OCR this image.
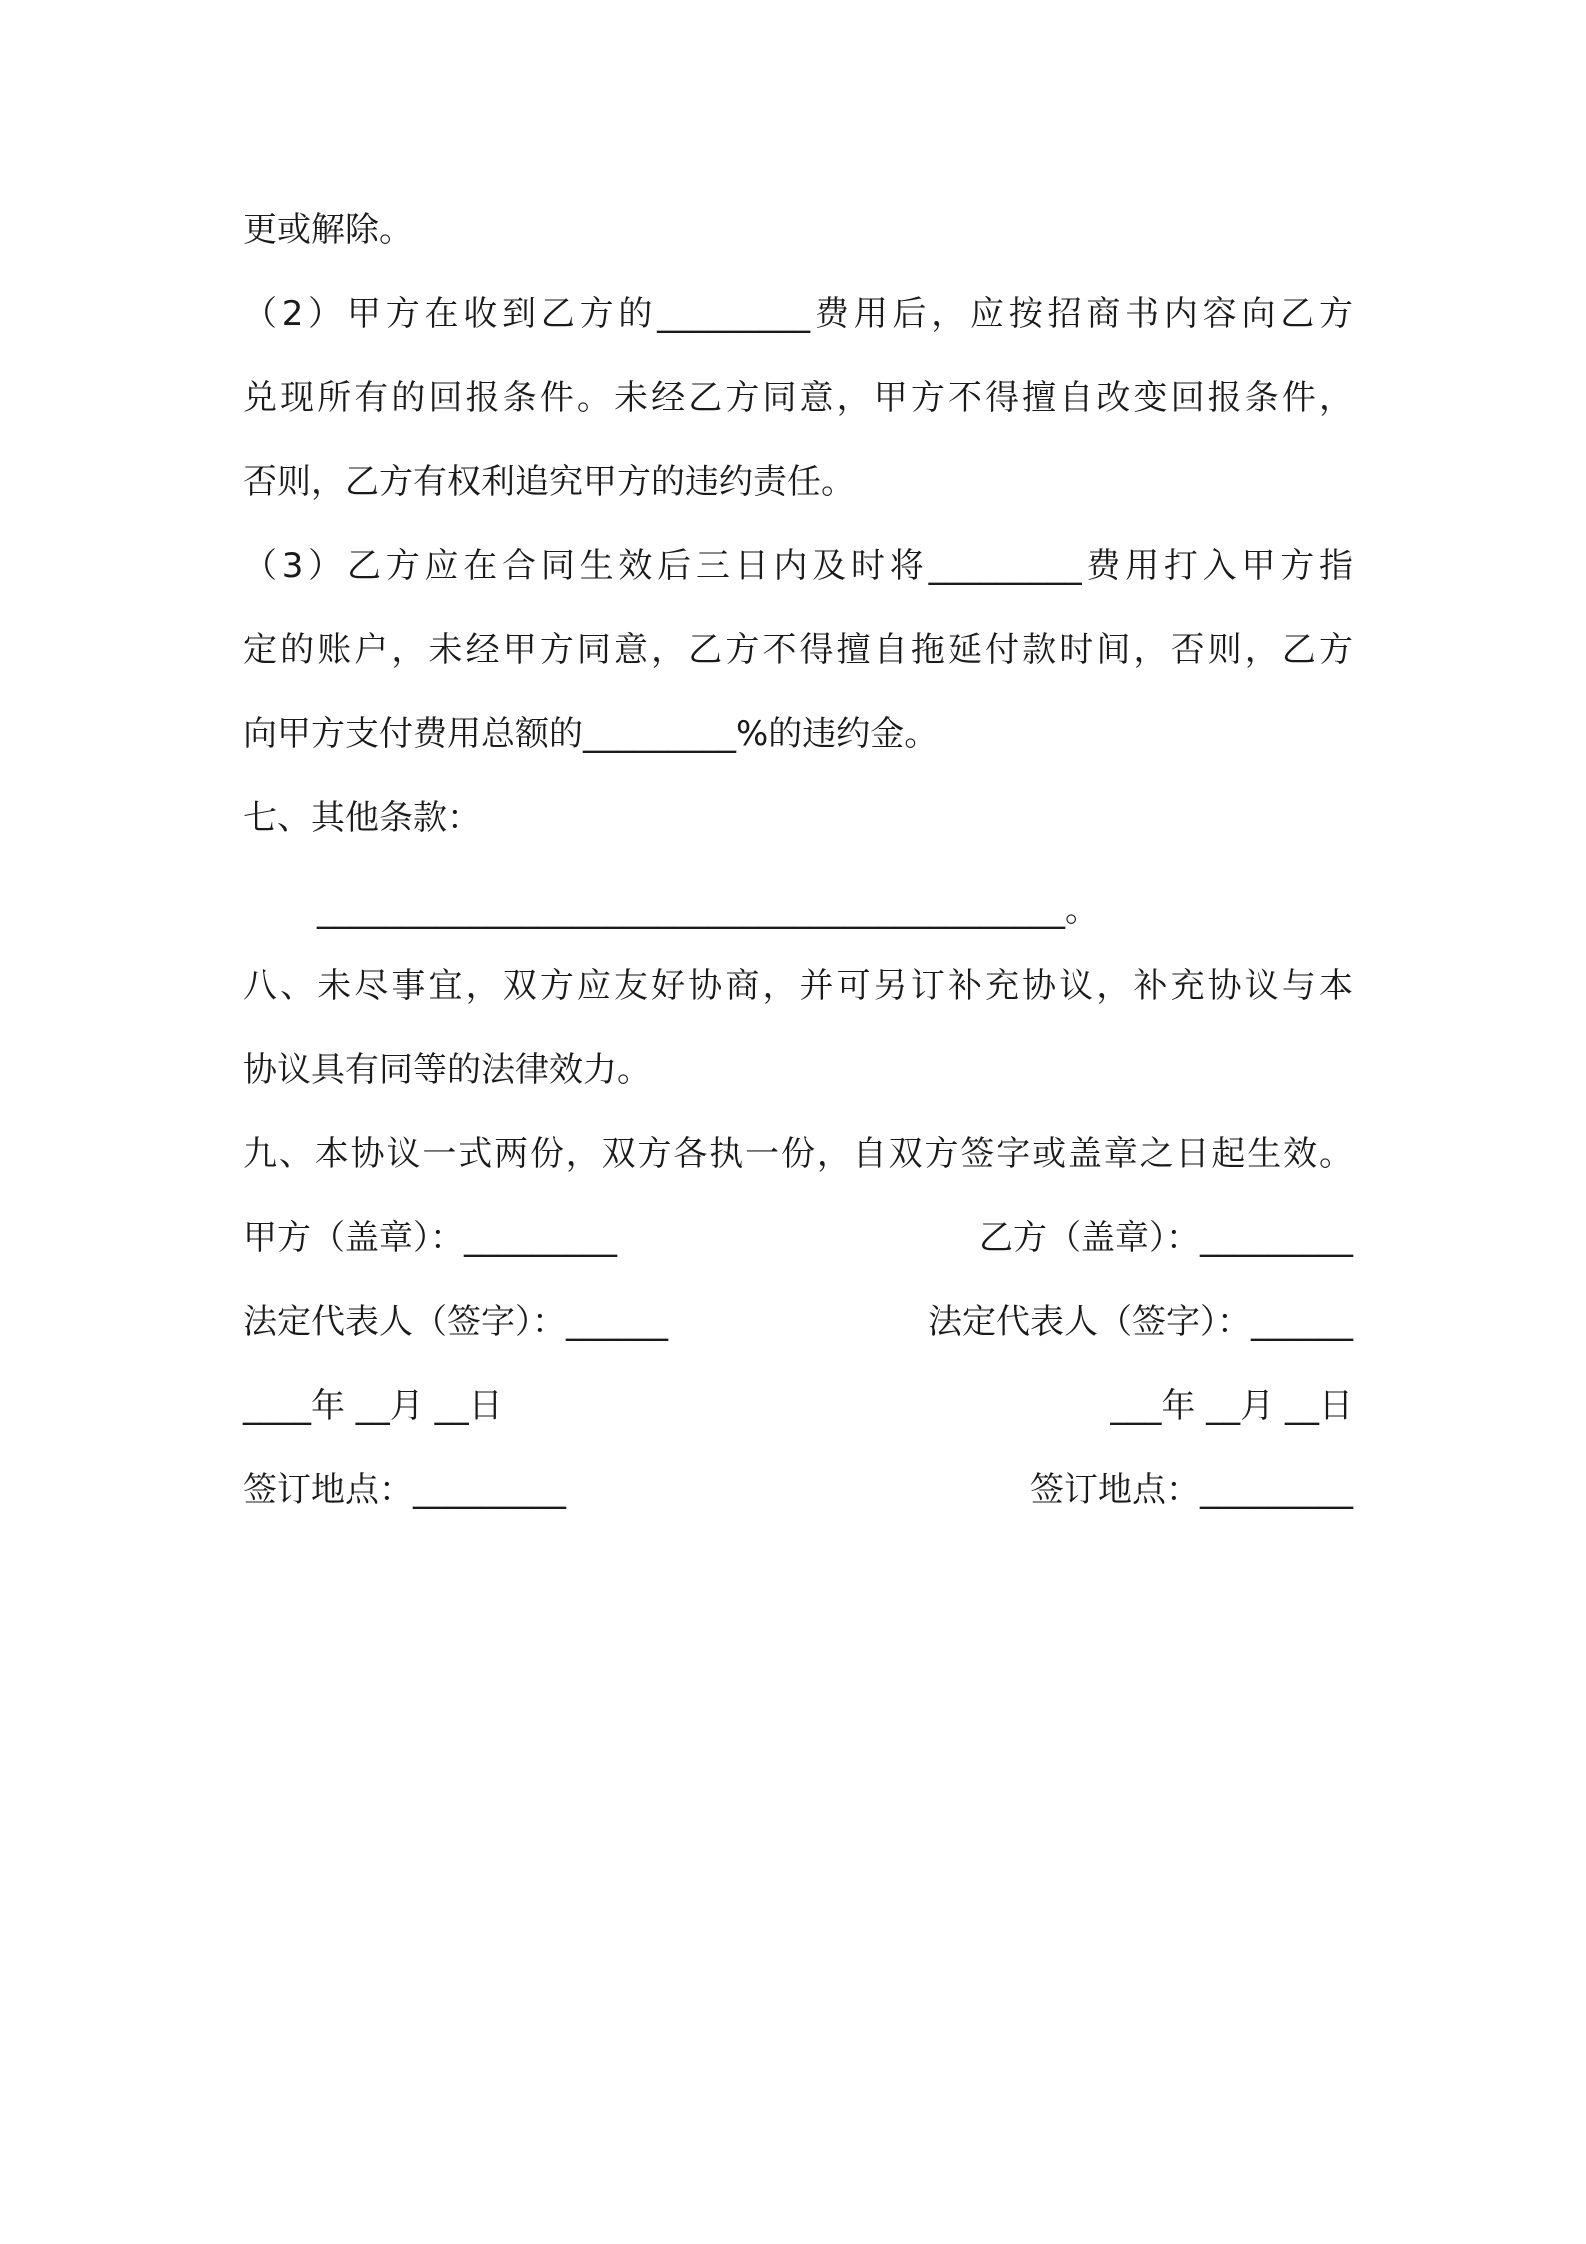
更或解除。
（2）甲方在收到乙方的_________费用后，应按招商书内容向乙方
兑现所有的回报条件。未经乙方同意，甲方不得擅自改变回报条件，
否则，乙方有权利追究甲方的违约责任。
（3）乙方应在合同生效后三日内及时将_________费用打入甲方指
定的账户，未经甲方同意，乙方不得擅自拖延付款时间，否则，乙方
向甲方支付费用总额的_________%的违约金。
七、其他条款：
____________________________________________。
八、未尽事宜，双方应友好协商，并可另订补充协议，补充协议与本
协议具有同等的法律效力。
九、本协议一式两份，双方各执一份，自双方签字或盖章之日起生效。
甲方（盖章）：_________	乙方（盖章）：_________
法定代表人（签字）：______	法定代表人（签字）：______
____年 __月 __日	___年 __月 __日
签订地点：_________	签订地点：_________
